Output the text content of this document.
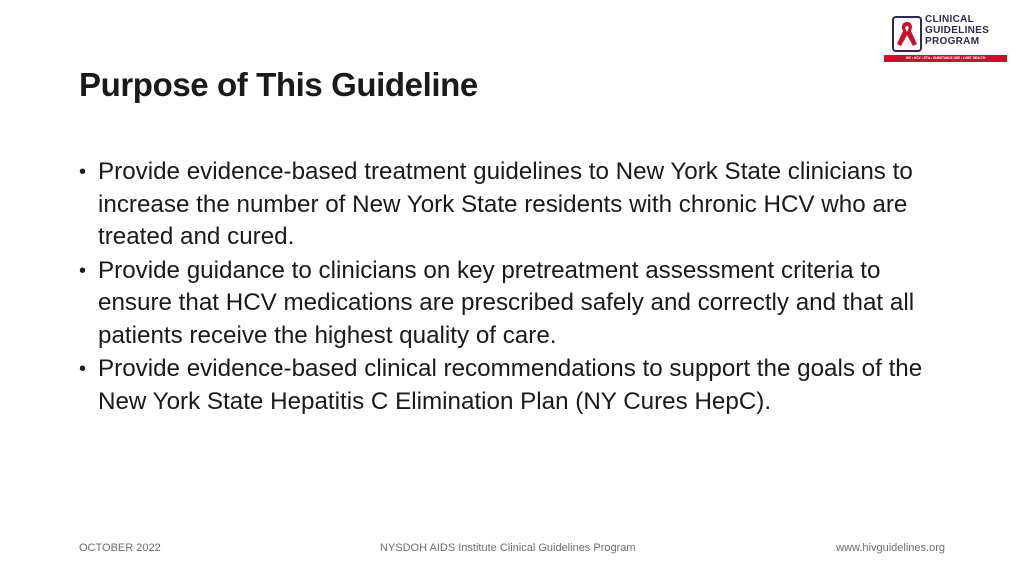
CLINICAL
GUIDELINES
PROGRAM
HIV • HCV • STIs • SUBSTANCE USE • LGBT HEALTH
Purpose of This Guideline
• Provide evidence-based treatment guidelines to New York State clinicians to increase the number of New York State residents with chronic HCV who are treated and cured.
• Provide guidance to clinicians on key pretreatment assessment criteria to ensure that HCV medications are prescribed safely and correctly and that all patients receive the highest quality of care.
• Provide evidence-based clinical recommendations to support the goals of the New York State Hepatitis C Elimination Plan (NY Cures HepC).
OCTOBER 2022	NYSDOH AIDS Institute Clinical Guidelines Program	www.hivguidelines.org
